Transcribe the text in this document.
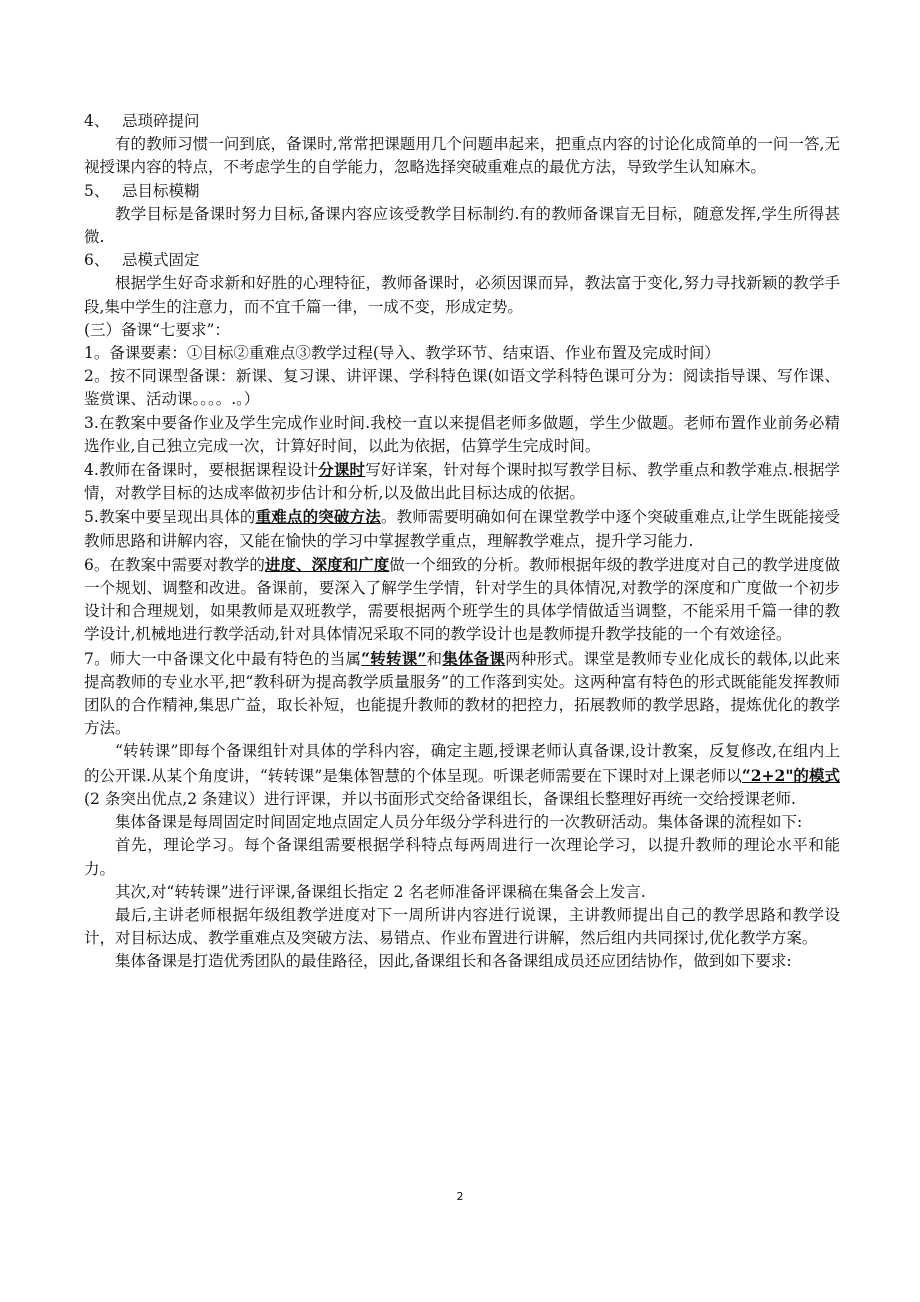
4、 忌琐碎提问

有的教师习惯一问到底，备课时,常常把课题用几个问题串起来，把重点内容的讨论化成简单的一问一答,无视授课内容的特点，不考虑学生的自学能力，忽略选择突破重难点的最优方法，导致学生认知麻木。

5、 忌目标模糊

教学目标是备课时努力目标,备课内容应该受教学目标制约.有的教师备课盲无目标，随意发挥,学生所得甚微.

6、 忌模式固定

根据学生好奇求新和好胜的心理特征，教师备课时，必须因课而异，教法富于变化,努力寻找新颖的教学手段,集中学生的注意力，而不宜千篇一律，一成不变，形成定势。

(三）备课“七要求”：

1。备课要素：①目标②重难点③教学过程(导入、教学环节、结束语、作业布置及完成时间）

2。按不同课型备课：新课、复习课、讲评课、学科特色课(如语文学科特色课可分为：阅读指导课、写作课、鉴赏课、活动课。。。。.。）

3.在教案中要备作业及学生完成作业时间.我校一直以来提倡老师多做题，学生少做题。老师布置作业前务必精选作业,自己独立完成一次，计算好时间，以此为依据，估算学生完成时间。

4.教师在备课时，要根据课程设计分课时写好详案，针对每个课时拟写教学目标、教学重点和教学难点.根据学情，对教学目标的达成率做初步估计和分析,以及做出此目标达成的依据。

5.教案中要呈现出具体的重难点的突破方法。教师需要明确如何在课堂教学中逐个突破重难点,让学生既能接受教师思路和讲解内容，又能在愉快的学习中掌握教学重点，理解教学难点，提升学习能力.

6。在教案中需要对教学的进度、深度和广度做一个细致的分析。教师根据年级的教学进度对自己的教学进度做一个规划、调整和改进。备课前，要深入了解学生学情，针对学生的具体情况,对教学的深度和广度做一个初步设计和合理规划，如果教师是双班教学，需要根据两个班学生的具体学情做适当调整，不能采用千篇一律的教学设计,机械地进行教学活动,针对具体情况采取不同的教学设计也是教师提升教学技能的一个有效途径。

7。师大一中备课文化中最有特色的当属“转转课”和集体备课两种形式。课堂是教师专业化成长的载体,以此来提高教师的专业水平,把“教科研为提高教学质量服务”的工作落到实处。这两种富有特色的形式既能能发挥教师团队的合作精神,集思广益，取长补短，也能提升教师的教材的把控力，拓展教师的教学思路，提炼优化的教学方法。

“转转课”即每个备课组针对具体的学科内容，确定主题,授课老师认真备课,设计教案，反复修改,在组内上的公开课.从某个角度讲，“转转课”是集体智慧的个体呈现。听课老师需要在下课时对上课老师以“2+2"的模式(2 条突出优点,2 条建议）进行评课，并以书面形式交给备课组长，备课组长整理好再统一交给授课老师.

集体备课是每周固定时间固定地点固定人员分年级分学科进行的一次教研活动。集体备课的流程如下:

首先，理论学习。每个备课组需要根据学科特点每两周进行一次理论学习，以提升教师的理论水平和能力。

其次,对“转转课”进行评课,备课组长指定 2 名老师准备评课稿在集备会上发言.

最后,主讲老师根据年级组教学进度对下一周所讲内容进行说课，主讲教师提出自己的教学思路和教学设计，对目标达成、教学重难点及突破方法、易错点、作业布置进行讲解，然后组内共同探讨,优化教学方案。

集体备课是打造优秀团队的最佳路径，因此,备课组长和各备课组成员还应团结协作，做到如下要求:

2
